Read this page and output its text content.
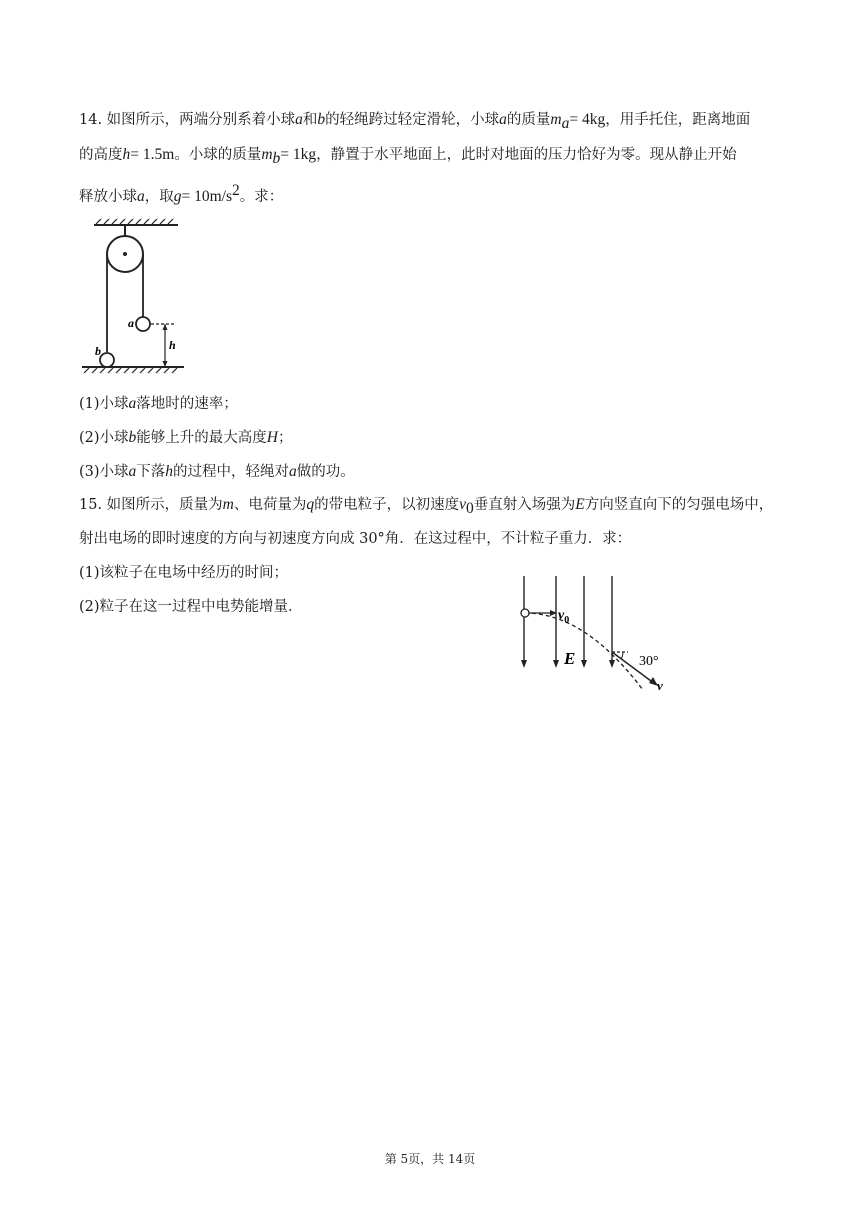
14. 如图所示，两端分别系着小球a和b的轻绳跨过轻定滑轮，小球a的质量$m_a= 4kg$，用手托住，距离地面
的高度h= 1.5m。小球的质量$m_b= 1kg$，静置于水平地面上，此时对地面的压力恰好为零。现从静止开始
释放小球a，取$g= 10m/s^2$。求：
a
b	h
(1)小球a落地时的速率；
(2)小球b能够上升的最大高度H；
(3)小球a下落h的过程中，轻绳对a做的功。
15. 如图所示，质量为m、电荷量为q的带电粒子，以初速度$v_0$垂直射入场强为E方向竖直向下的匀强电场中，
射出电场的即时速度的方向与初速度方向成 30°角．在这过程中，不计粒子重力．求：
(1)该粒子在电场中经历的时间；
(2)粒子在这一过程中电势能增量．
$v_0$
E	30°
v
第 5页，共 14页
